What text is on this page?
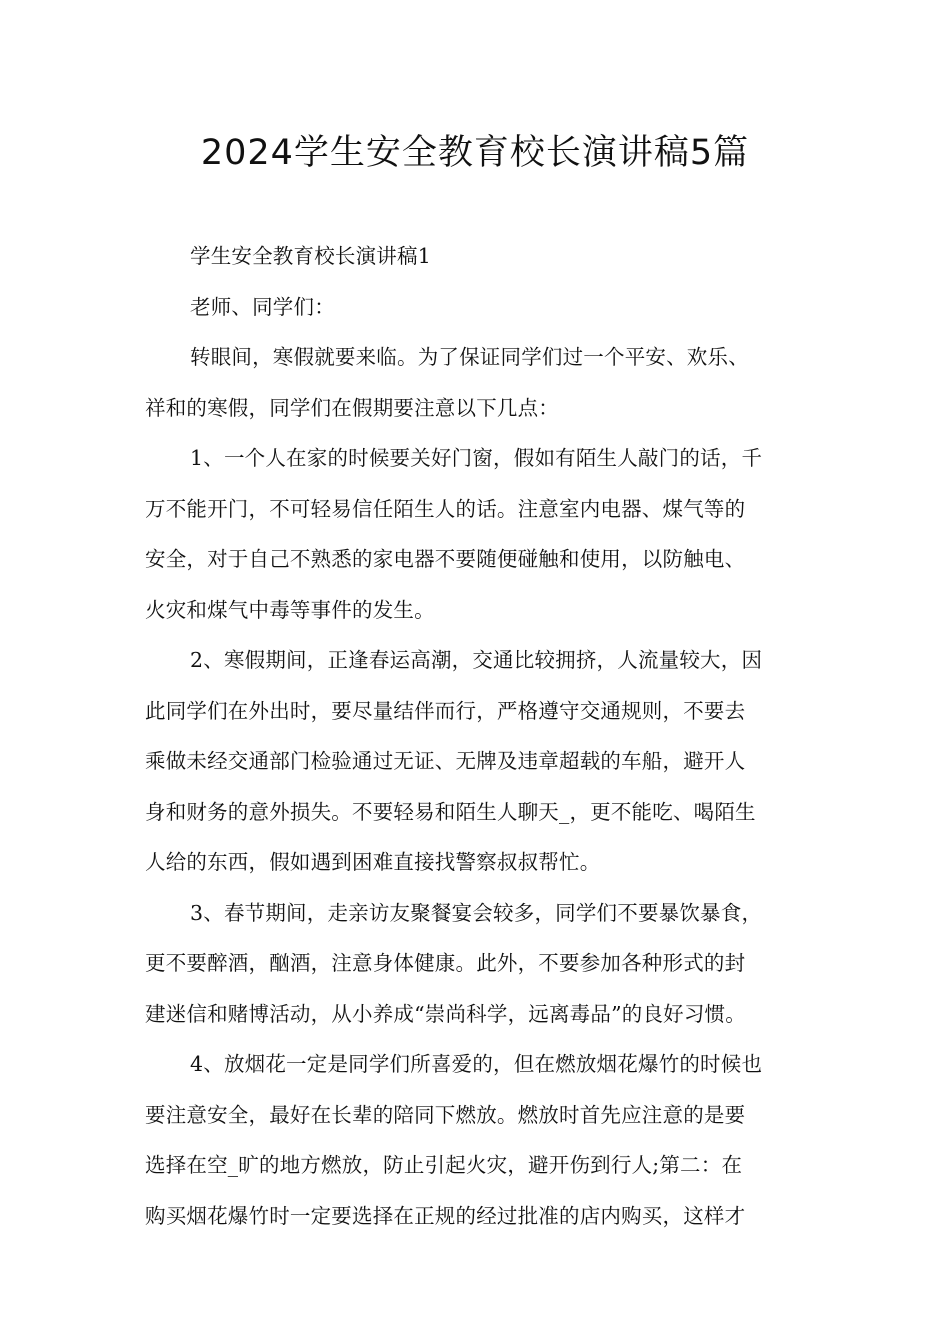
2024学生安全教育校长演讲稿5篇
学生安全教育校长演讲稿1
老师、同学们：
转眼间，寒假就要来临。为了保证同学们过一个平安、欢乐、
祥和的寒假，同学们在假期要注意以下几点：
1、一个人在家的时候要关好门窗，假如有陌生人敲门的话，千
万不能开门，不可轻易信任陌生人的话。注意室内电器、煤气等的
安全，对于自己不熟悉的家电器不要随便碰触和使用，以防触电、
火灾和煤气中毒等事件的发生。
2、寒假期间，正逢春运高潮，交通比较拥挤，人流量较大，因
此同学们在外出时，要尽量结伴而行，严格遵守交通规则，不要去
乘做未经交通部门检验通过无证、无牌及违章超载的车船，避开人
身和财务的意外损失。不要轻易和陌生人聊天_，更不能吃、喝陌生
人给的东西，假如遇到困难直接找警察叔叔帮忙。
3、春节期间，走亲访友聚餐宴会较多，同学们不要暴饮暴食，
更不要醉酒，酗酒，注意身体健康。此外，不要参加各种形式的封
建迷信和赌博活动，从小养成“崇尚科学，远离毒品”的良好习惯。
4、放烟花一定是同学们所喜爱的，但在燃放烟花爆竹的时候也
要注意安全，最好在长辈的陪同下燃放。燃放时首先应注意的是要
选择在空_旷的地方燃放，防止引起火灾，避开伤到行人;第二：在
购买烟花爆竹时一定要选择在正规的经过批准的店内购买，这样才
